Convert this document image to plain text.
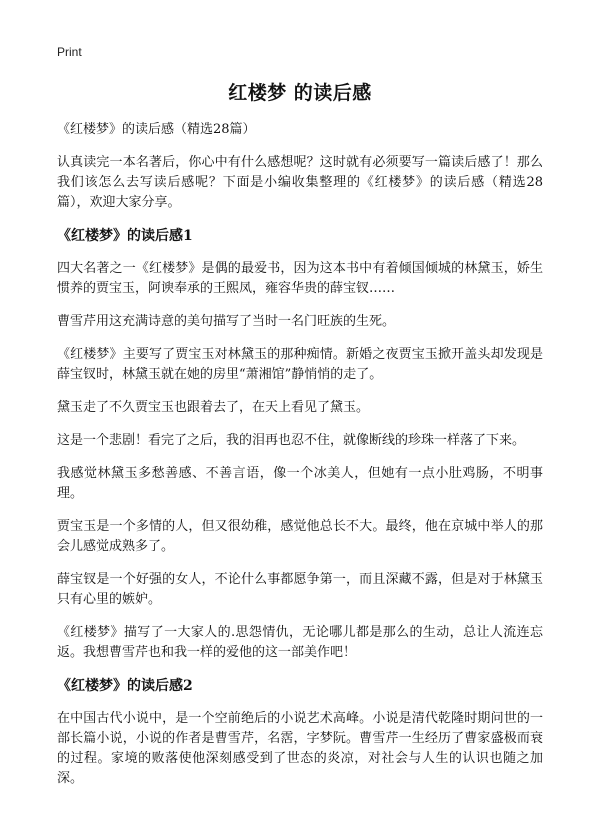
Print
红楼梦 的读后感

《红楼梦》的读后感（精选28篇）

认真读完一本名著后，你心中有什么感想呢？这时就有必须要写一篇读后感了！那么我们该怎么去写读后感呢？下面是小编收集整理的《红楼梦》的读后感（精选28篇），欢迎大家分享。

《红楼梦》的读后感1

四大名著之一《红楼梦》是偶的最爱书，因为这本书中有着倾国倾城的林黛玉，娇生惯养的贾宝玉，阿谀奉承的王熙凤，雍容华贵的薛宝钗……

曹雪芹用这充满诗意的美句描写了当时一名门旺族的生死。

《红楼梦》主要写了贾宝玉对林黛玉的那种痴情。新婚之夜贾宝玉掀开盖头却发现是薛宝钗时，林黛玉就在她的房里“萧湘馆”静悄悄的走了。

黛玉走了不久贾宝玉也跟着去了，在天上看见了黛玉。

这是一个悲剧！看完了之后，我的泪再也忍不住，就像断线的珍珠一样落了下来。

我感觉林黛玉多愁善感、不善言语，像一个冰美人，但她有一点小肚鸡肠，不明事理。

贾宝玉是一个多情的人，但又很幼稚，感觉他总长不大。最终，他在京城中举人的那会儿感觉成熟多了。

薛宝钗是一个好强的女人，不论什么事都愿争第一，而且深藏不露，但是对于林黛玉只有心里的嫉妒。

《红楼梦》描写了一大家人的.思怨情仇，无论哪儿都是那么的生动，总让人流连忘返。我想曹雪芹也和我一样的爱他的这一部美作吧！

《红楼梦》的读后感2

在中国古代小说中，是一个空前绝后的小说艺术高峰。小说是清代乾隆时期问世的一部长篇小说，小说的作者是曹雪芹，名霑，字梦阮。曹雪芹一生经历了曹家盛极而衰的过程。家境的败落使他深刻感受到了世态的炎凉，对社会与人生的认识也随之加深。
